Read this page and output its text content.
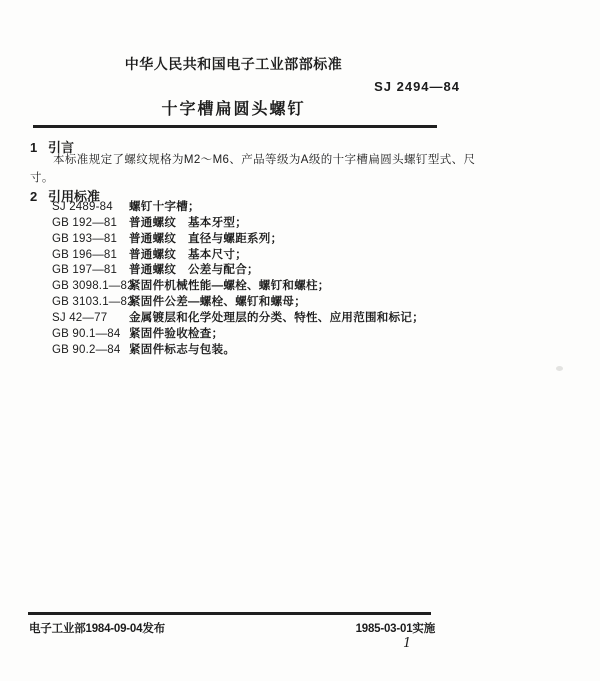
中华人民共和国电子工业部部标准
SJ 2494—84
十字槽扁圆头螺钉
1 引言
本标准规定了螺纹规格为M2～M6、产品等级为A级的十字槽扁圆头螺钉型式、尺
寸。
2 引用标准
SJ 2489-84 螺钉十字槽；
GB 192—81 普通螺纹　基本牙型；
GB 193—81 普通螺纹　直径与螺距系列；
GB 196—81 普通螺纹　基本尺寸；
GB 197—81 普通螺纹　公差与配合；
GB 3098.1—82紧固件机械性能—螺栓、螺钉和螺柱；
GB 3103.1—82紧固件公差—螺栓、螺钉和螺母；
SJ 42—77 金属镀层和化学处理层的分类、特性、应用范围和标记；
GB 90.1—84 紧固件验收检查；
GB 90.2—84 紧固件标志与包装。
电子工业部1984-09-04发布	1985-03-01实施
1
